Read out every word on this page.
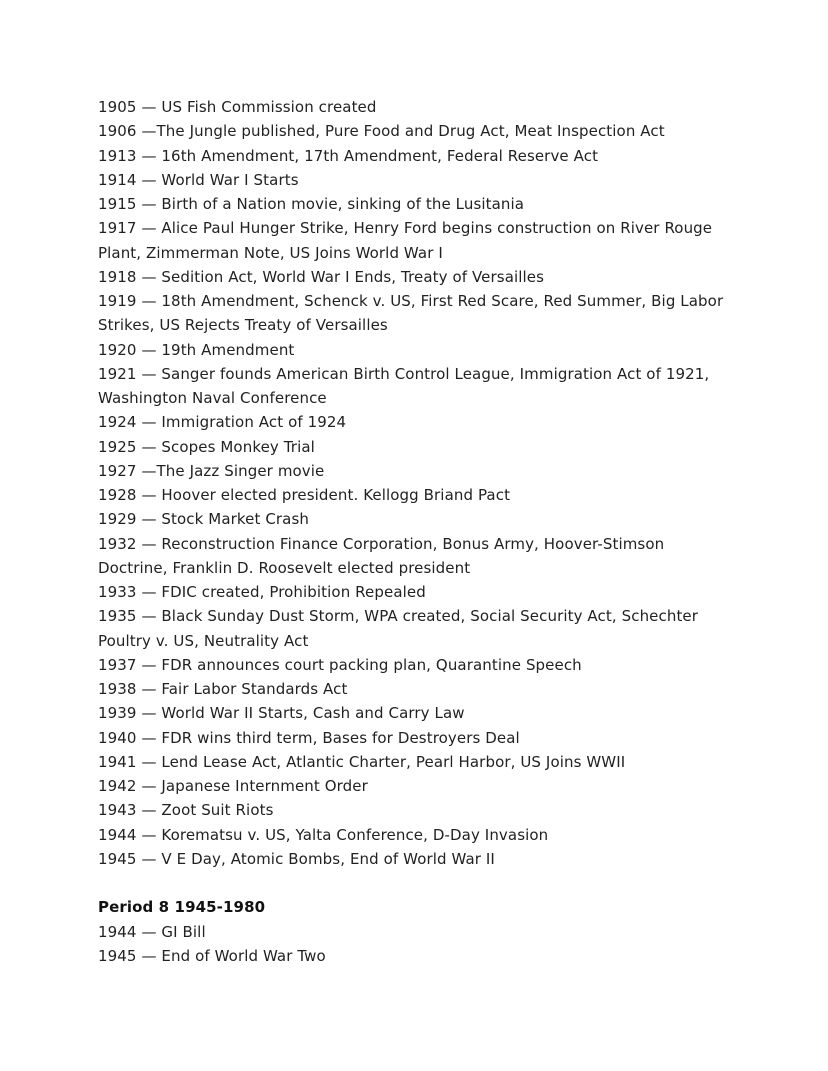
1905 — US Fish Commission created

1906 —The Jungle published, Pure Food and Drug Act, Meat Inspection Act

1913 — 16th Amendment, 17th Amendment, Federal Reserve Act

1914 — World War I Starts

1915 — Birth of a Nation movie, sinking of the Lusitania

1917 — Alice Paul Hunger Strike, Henry Ford begins construction on River Rouge Plant, Zimmerman Note, US Joins World War I

1918 — Sedition Act, World War I Ends, Treaty of Versailles

1919 — 18th Amendment, Schenck v. US, First Red Scare, Red Summer, Big Labor Strikes, US Rejects Treaty of Versailles

1920 — 19th Amendment

1921 — Sanger founds American Birth Control League, Immigration Act of 1921, Washington Naval Conference

1924 — Immigration Act of 1924

1925 — Scopes Monkey Trial

1927 —The Jazz Singer movie

1928 — Hoover elected president. Kellogg Briand Pact

1929 — Stock Market Crash

1932 — Reconstruction Finance Corporation, Bonus Army, Hoover-Stimson Doctrine, Franklin D. Roosevelt elected president

1933 — FDIC created, Prohibition Repealed

1935 — Black Sunday Dust Storm, WPA created, Social Security Act, Schechter Poultry v. US, Neutrality Act

1937 — FDR announces court packing plan, Quarantine Speech

1938 — Fair Labor Standards Act

1939 — World War II Starts, Cash and Carry Law

1940 — FDR wins third term, Bases for Destroyers Deal

1941 — Lend Lease Act, Atlantic Charter, Pearl Harbor, US Joins WWII

1942 — Japanese Internment Order

1943 — Zoot Suit Riots

1944 — Korematsu v. US, Yalta Conference, D-Day Invasion

1945 — V E Day, Atomic Bombs, End of World War II

Period 8 1945-1980

1944 — GI Bill

1945 — End of World War Two
